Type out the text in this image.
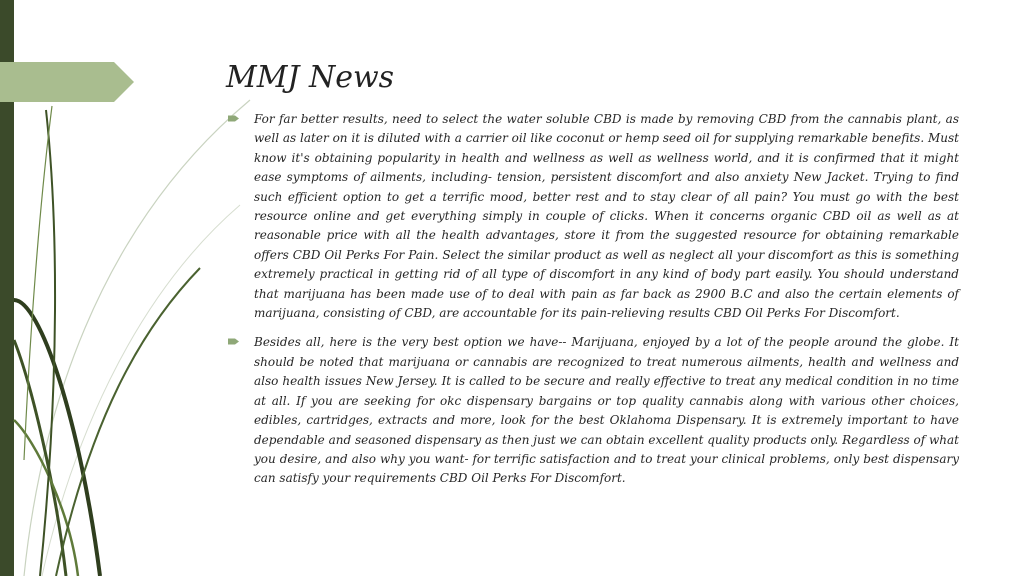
MMJ News
For far better results, need to select the water soluble CBD is made by removing CBD from the cannabis plant, as well as later on it is diluted with a carrier oil like coconut or hemp seed oil for supplying remarkable benefits. Must know it's obtaining popularity in health and wellness as well as wellness world, and it is confirmed that it might ease symptoms of ailments, including- tension, persistent discomfort and also anxiety New Jacket. Trying to find such efficient option to get a terrific mood, better rest and to stay clear of all pain? You must go with the best resource online and get everything simply in couple of clicks. When it concerns organic CBD oil as well as at reasonable price with all the health advantages, store it from the suggested resource for obtaining remarkable offers CBD Oil Perks For Pain. Select the similar product as well as neglect all your discomfort as this is something extremely practical in getting rid of all type of discomfort in any kind of body part easily. You should understand that marijuana has been made use of to deal with pain as far back as 2900 B.C and also the certain elements of marijuana, consisting of CBD, are accountable for its pain-relieving results CBD Oil Perks For Discomfort.
Besides all, here is the very best option we have-- Marijuana, enjoyed by a lot of the people around the globe. It should be noted that marijuana or cannabis are recognized to treat numerous ailments, health and wellness and also health issues New Jersey. It is called to be secure and really effective to treat any medical condition in no time at all. If you are seeking for okc dispensary bargains or top quality cannabis along with various other choices, edibles, cartridges, extracts and more, look for the best Oklahoma Dispensary. It is extremely important to have dependable and seasoned dispensary as then just we can obtain excellent quality products only. Regardless of what you desire, and also why you want- for terrific satisfaction and to treat your clinical problems, only best dispensary can satisfy your requirements CBD Oil Perks For Discomfort.
